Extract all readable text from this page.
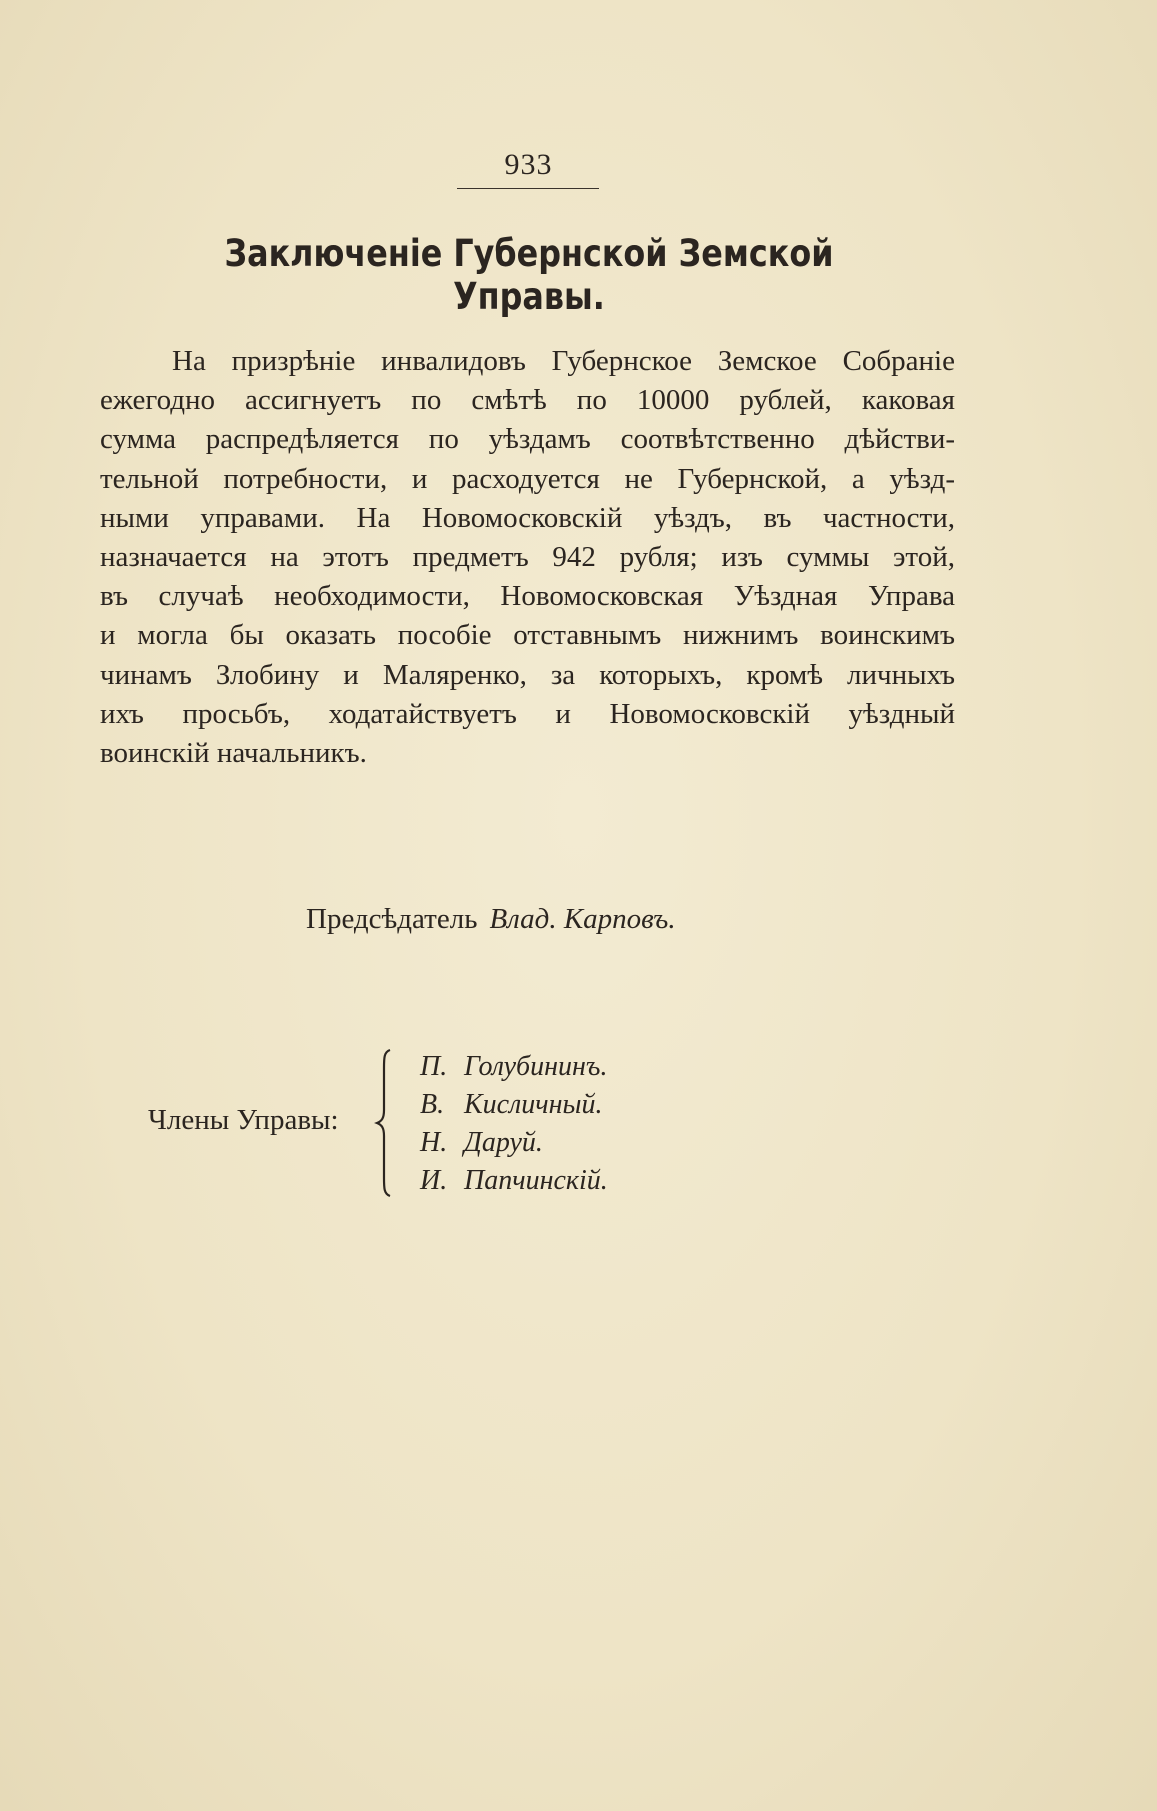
933
Заключеніе Губернской Земской Управы.
На призрѣніе инвалидовъ Губернское Земское Собраніе
ежегодно ассигнуетъ по смѣтѣ по 10000 рублей, каковая
сумма распредѣляется по уѣздамъ соотвѣтственно дѣйстви-
тельной потребности, и расходуется не Губернской, а уѣзд-
ными управами. На Новомосковскій уѣздъ, въ частности,
назначается на этотъ предметъ 942 рубля; изъ суммы этой,
въ случаѣ необходимости, Новомосковская Уѣздная Управа
и могла бы оказать пособіе отставнымъ нижнимъ воинскимъ
чинамъ Злобину и Маляренко, за которыхъ, кромѣ личныхъ
ихъ просьбъ, ходатайствуетъ и Новомосковскій уѣздный
воинскій начальникъ.
Предсѣдатель Влад. Карповъ.
Члены Управы:
П. Голубининъ.
В. Кисличный.
Н. Даруй.
И. Папчинскій.
